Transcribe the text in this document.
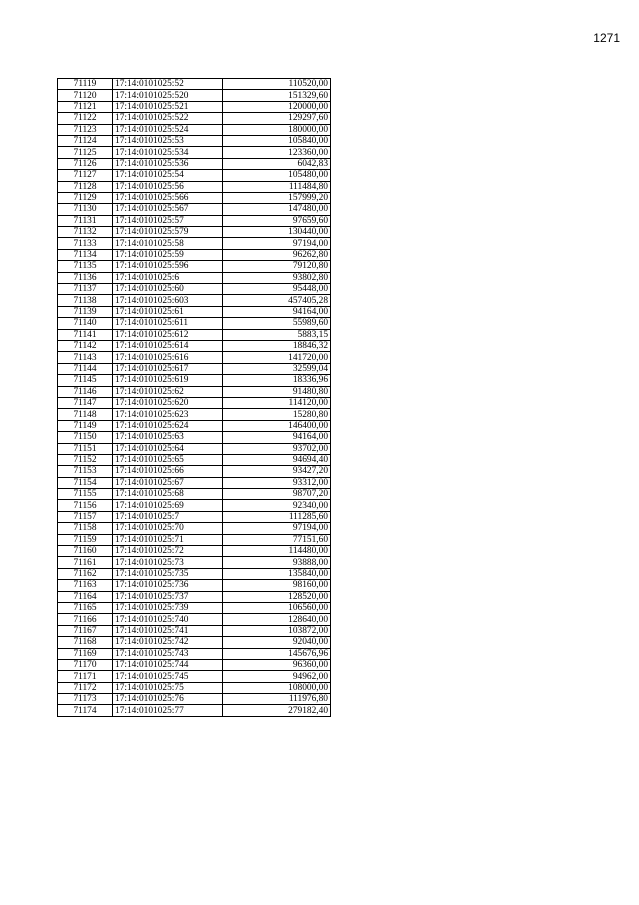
1271
71119	17:14:0101025:52	110520,00
71120	17:14:0101025:520	151329,60
71121	17:14:0101025:521	120000,00
71122	17:14:0101025:522	129297,60
71123	17:14:0101025:524	180000,00
71124	17:14:0101025:53	105840,00
71125	17:14:0101025:534	123360,00
71126	17:14:0101025:536	6042,83
71127	17:14:0101025:54	105480,00
71128	17:14:0101025:56	111484,80
71129	17:14:0101025:566	157999,20
71130	17:14:0101025:567	147480,00
71131	17:14:0101025:57	97659,60
71132	17:14:0101025:579	130440,00
71133	17:14:0101025:58	97194,00
71134	17:14:0101025:59	96262,80
71135	17:14:0101025:596	79120,80
71136	17:14:0101025:6	93802,80
71137	17:14:0101025:60	95448,00
71138	17:14:0101025:603	457405,28
71139	17:14:0101025:61	94164,00
71140	17:14:0101025:611	55989,60
71141	17:14:0101025:612	5883,15
71142	17:14:0101025:614	18846,32
71143	17:14:0101025:616	141720,00
71144	17:14:0101025:617	32599,04
71145	17:14:0101025:619	18336,96
71146	17:14:0101025:62	91480,80
71147	17:14:0101025:620	114120,00
71148	17:14:0101025:623	15280,80
71149	17:14:0101025:624	146400,00
71150	17:14:0101025:63	94164,00
71151	17:14:0101025:64	93702,00
71152	17:14:0101025:65	94694,40
71153	17:14:0101025:66	93427,20
71154	17:14:0101025:67	93312,00
71155	17:14:0101025:68	98707,20
71156	17:14:0101025:69	92340,00
71157	17:14:0101025:7	111285,60
71158	17:14:0101025:70	97194,00
71159	17:14:0101025:71	77151,60
71160	17:14:0101025:72	114480,00
71161	17:14:0101025:73	93888,00
71162	17:14:0101025:735	135840,00
71163	17:14:0101025:736	98160,00
71164	17:14:0101025:737	128520,00
71165	17:14:0101025:739	106560,00
71166	17:14:0101025:740	128640,00
71167	17:14:0101025:741	103872,00
71168	17:14:0101025:742	92040,00
71169	17:14:0101025:743	145676,96
71170	17:14:0101025:744	96360,00
71171	17:14:0101025:745	94962,00
71172	17:14:0101025:75	108000,00
71173	17:14:0101025:76	111976,80
71174	17:14:0101025:77	279182,40
